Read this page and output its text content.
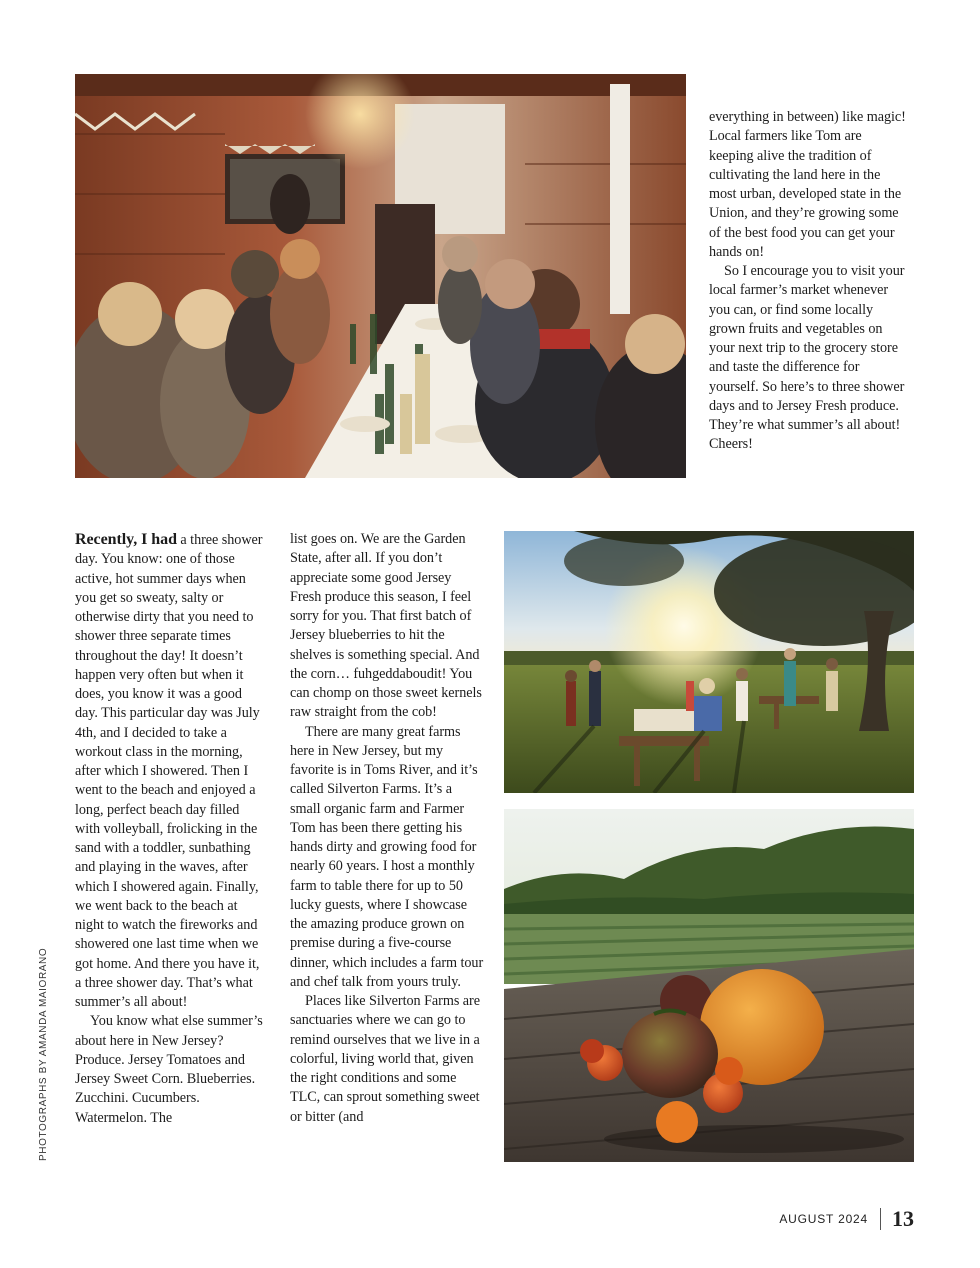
everything in between) like magic! Local farmers like Tom are keeping alive the tradition of cultivating the land here in the most urban, developed state in the Union, and they’re growing some of the best food you can get your hands on!

So I encourage you to visit your local farmer’s market whenever you can, or find some locally grown fruits and vegetables on your next trip to the grocery store and taste the difference for yourself. So here’s to three shower days and to Jersey Fresh produce. They’re what summer’s all about! Cheers!

Recently, I had a three shower day. You know: one of those active, hot summer days when you get so sweaty, salty or otherwise dirty that you need to shower three separate times throughout the day! It doesn’t happen very often but when it does, you know it was a good day. This particular day was July 4th, and I decided to take a workout class in the morning, after which I showered. Then I went to the beach and enjoyed a long, perfect beach day filled with volleyball, frolicking in the sand with a toddler, sunbathing and playing in the waves, after which I showered again. Finally, we went back to the beach at night to watch the fireworks and showered one last time when we got home. And there you have it, a three shower day. That’s what summer’s all about!

You know what else summer’s about here in New Jersey? Produce. Jersey Tomatoes and Jersey Sweet Corn. Blueberries. Zucchini. Cucumbers. Watermelon. The

list goes on. We are the Garden State, after all. If you don’t appreciate some good Jersey Fresh produce this season, I feel sorry for you. That first batch of Jersey blueberries to hit the shelves is something special. And the corn… fuhgeddaboudit! You can chomp on those sweet kernels raw straight from the cob!

There are many great farms here in New Jersey, but my favorite is in Toms River, and it’s called Silverton Farms. It’s a small organic farm and Farmer Tom has been there getting his hands dirty and growing food for nearly 60 years. I host a monthly farm to table there for up to 50 lucky guests, where I showcase the amazing produce grown on premise during a five-course dinner, which includes a farm tour and chef talk from yours truly.

Places like Silverton Farms are sanctuaries where we can go to remind ourselves that we live in a colorful, living world that, given the right conditions and some TLC, can sprout something sweet or bitter (and

PHOTOGRAPHS BY AMANDA MAIORANO
AUGUST 2024 13
